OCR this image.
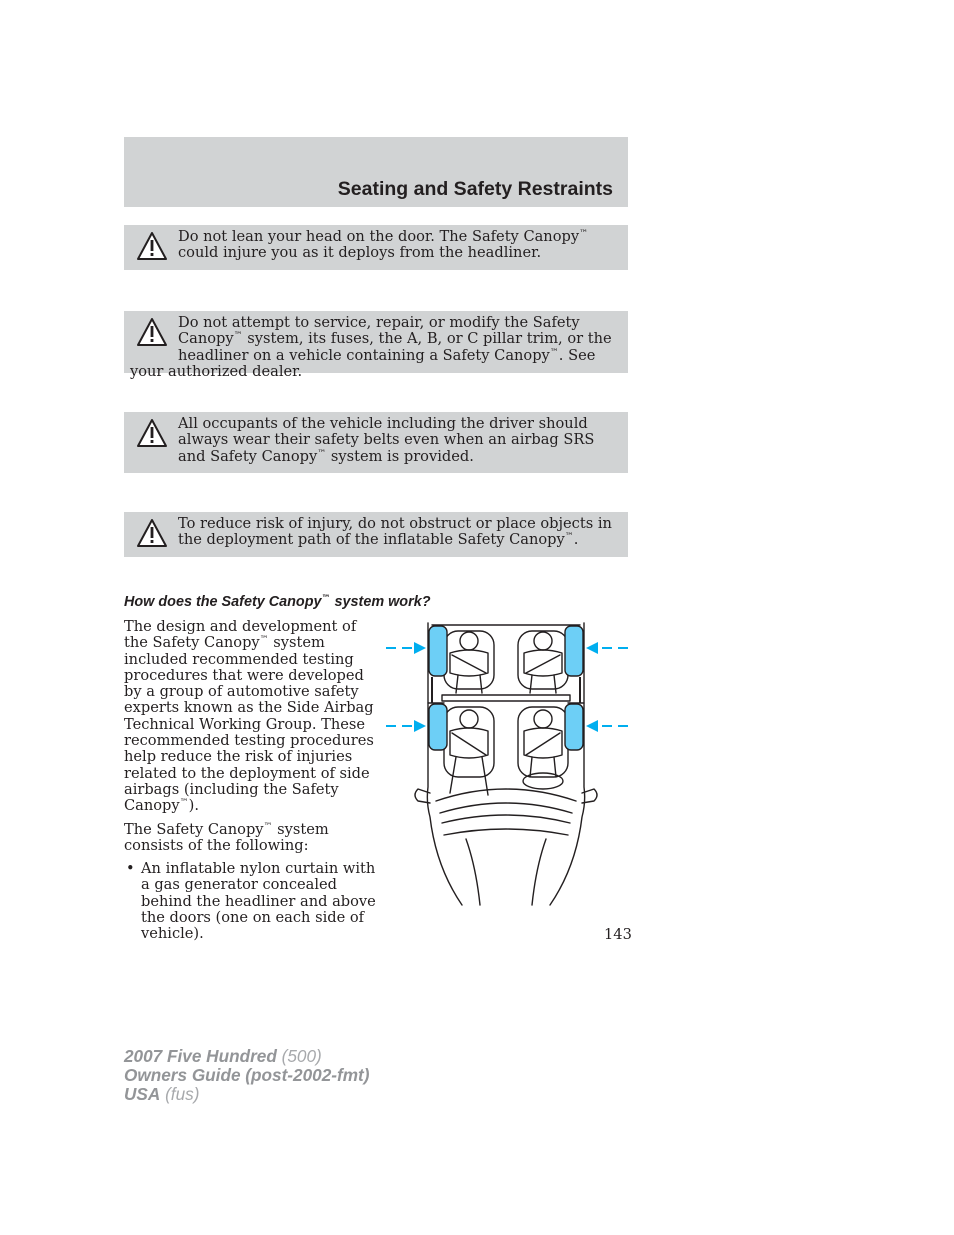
Seating and Safety Restraints
Do not lean your head on the door. The Safety Canopy™ could injure you as it deploys from the headliner.
Do not attempt to service, repair, or modify the Safety Canopy™ system, its fuses, the A, B, or C pillar trim, or the headliner on a vehicle containing a Safety Canopy™. See your authorized dealer.
All occupants of the vehicle including the driver should always wear their safety belts even when an airbag SRS and Safety Canopy™ system is provided.
To reduce risk of injury, do not obstruct or place objects in the deployment path of the inflatable Safety Canopy™.
How does the Safety Canopy™ system work?

The design and development of the Safety Canopy™ system included recommended testing procedures that were developed by a group of automotive safety experts known as the Side Airbag Technical Working Group. These recommended testing procedures help reduce the risk of injuries related to the deployment of side airbags (including the Safety Canopy™).

The Safety Canopy™ system consists of the following:

• An inflatable nylon curtain with a gas generator concealed behind the headliner and above the doors (one on each side of vehicle).	143
2007 Five Hundred (500)
Owners Guide (post-2002-fmt)
USA (fus)
